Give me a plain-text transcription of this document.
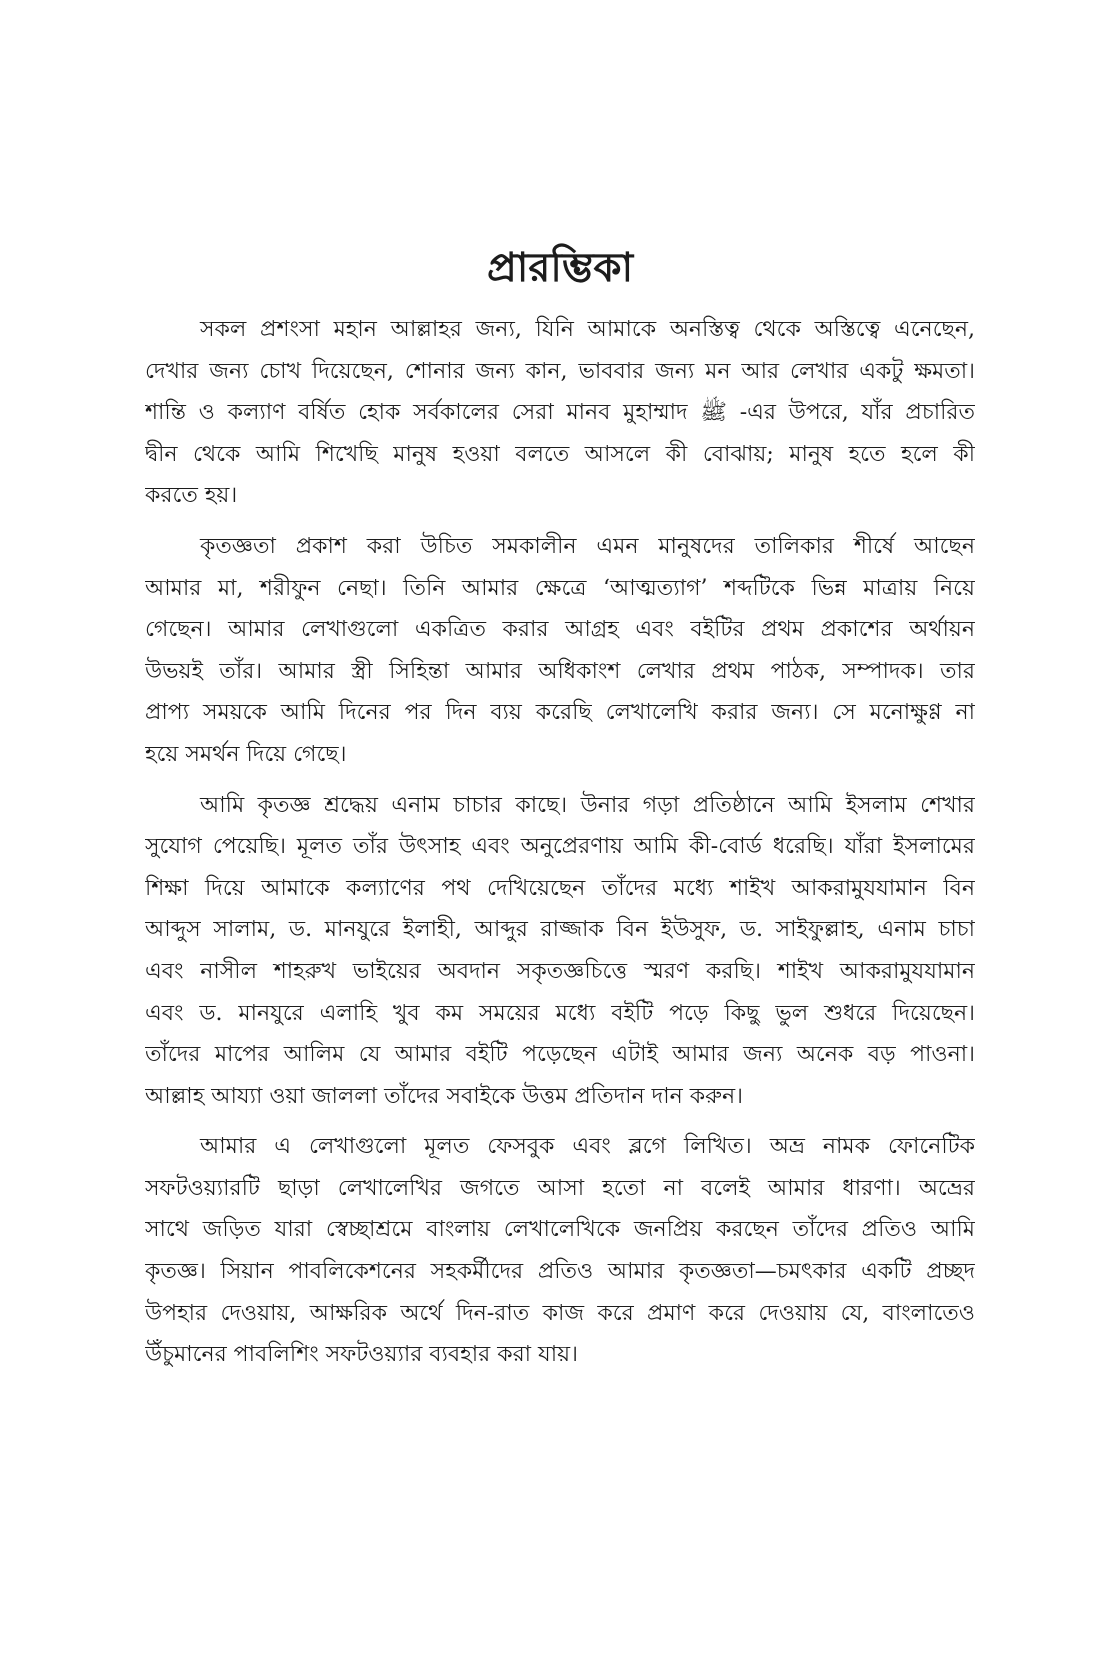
প্রারম্ভিকা

সকল প্রশংসা মহান আল্লাহর জন্য, যিনি আমাকে অনস্তিত্ব থেকে অস্তিত্বে এনেছেন,
দেখার জন্য চোখ দিয়েছেন, শোনার জন্য কান, ভাববার জন্য মন আর লেখার একটু ক্ষমতা।
শান্তি ও কল্যাণ বর্ষিত হোক সর্বকালের সেরা মানব মুহাম্মাদ ﷺ -এর উপরে, যাঁর প্রচারিত
দ্বীন থেকে আমি শিখেছি মানুষ হওয়া বলতে আসলে কী বোঝায়; মানুষ হতে হলে কী
করতে হয়।

কৃতজ্ঞতা প্রকাশ করা উচিত সমকালীন এমন মানুষদের তালিকার শীর্ষে আছেন
আমার মা, শরীফুন নেছা। তিনি আমার ক্ষেত্রে ‘আত্মত্যাগ’ শব্দটিকে ভিন্ন মাত্রায় নিয়ে
গেছেন। আমার লেখাগুলো একত্রিত করার আগ্রহ এবং বইটির প্রথম প্রকাশের অর্থায়ন
উভয়ই তাঁর। আমার স্ত্রী সিহিন্তা আমার অধিকাংশ লেখার প্রথম পাঠক, সম্পাদক। তার
প্রাপ্য সময়কে আমি দিনের পর দিন ব্যয় করেছি লেখালেখি করার জন্য। সে মনোক্ষুণ্ণ না
হয়ে সমর্থন দিয়ে গেছে।

আমি কৃতজ্ঞ শ্রদ্ধেয় এনাম চাচার কাছে। উনার গড়া প্রতিষ্ঠানে আমি ইসলাম শেখার
সুযোগ পেয়েছি। মূলত তাঁর উৎসাহ এবং অনুপ্রেরণায় আমি কী-বোর্ড ধরেছি। যাঁরা ইসলামের
শিক্ষা দিয়ে আমাকে কল্যাণের পথ দেখিয়েছেন তাঁদের মধ্যে শাইখ আকরামুযযামান বিন
আব্দুস সালাম, ড. মানযুরে ইলাহী, আব্দুর রাজ্জাক বিন ইউসুফ, ড. সাইফুল্লাহ, এনাম চাচা
এবং নাসীল শাহরুখ ভাইয়ের অবদান সকৃতজ্ঞচিত্তে স্মরণ করছি। শাইখ আকরামুযযামান
এবং ড. মানযুরে এলাহি খুব কম সময়ের মধ্যে বইটি পড়ে কিছু ভুল শুধরে দিয়েছেন।
তাঁদের মাপের আলিম যে আমার বইটি পড়েছেন এটাই আমার জন্য অনেক বড় পাওনা।
আল্লাহ আয্যা ওয়া জাললা তাঁদের সবাইকে উত্তম প্রতিদান দান করুন।

আমার এ লেখাগুলো মূলত ফেসবুক এবং ব্লগে লিখিত। অভ্র নামক ফোনেটিক
সফটওয়্যারটি ছাড়া লেখালেখির জগতে আসা হতো না বলেই আমার ধারণা। অভ্রের
সাথে জড়িত যারা স্বেচ্ছাশ্রমে বাংলায় লেখালেখিকে জনপ্রিয় করছেন তাঁদের প্রতিও আমি
কৃতজ্ঞ। সিয়ান পাবলিকেশনের সহকর্মীদের প্রতিও আমার কৃতজ্ঞতা—চমৎকার একটি প্রচ্ছদ
উপহার দেওয়ায়, আক্ষরিক অর্থে দিন-রাত কাজ করে প্রমাণ করে দেওয়ায় যে, বাংলাতেও
উঁচুমানের পাবলিশিং সফটওয়্যার ব্যবহার করা যায়।
